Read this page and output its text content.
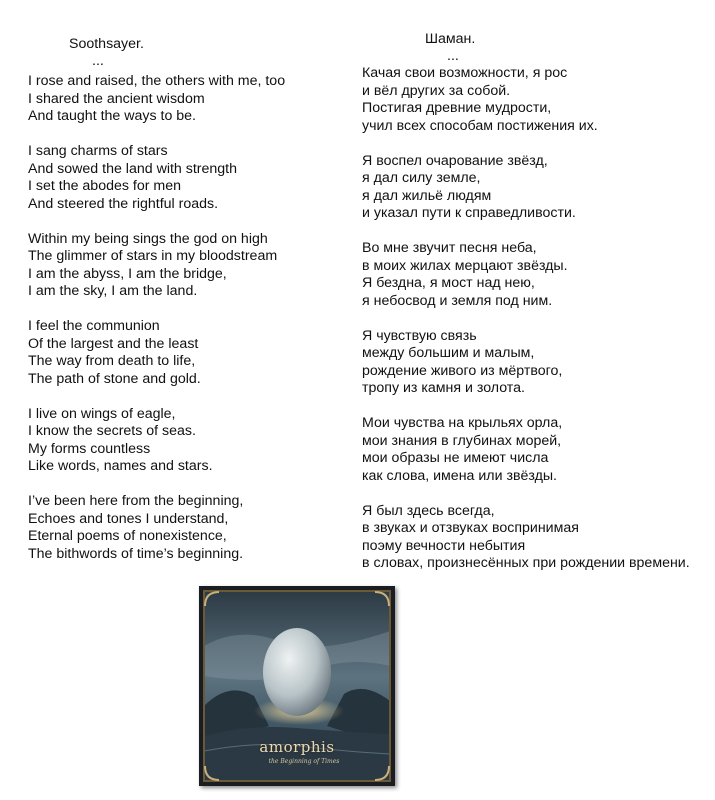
Soothsayer.
...
I rose and raised, the others with me, too
I shared the ancient wisdom
And taught the ways to be.
I sang charms of stars
And sowed the land with strength
I set the abodes for men
And steered the rightful roads.
Within my being sings the god on high
The glimmer of stars in my bloodstream
I am the abyss, I am the bridge,
I am the sky, I am the land.
I feel the communion
Of the largest and the least
The way from death to life,
The path of stone and gold.
I live on wings of eagle,
I know the secrets of seas.
My forms countless
Like words, names and stars.
I’ve been here from the beginning,
Echoes and tones I understand,
Eternal poems of nonexistence,
The bithwords of time’s beginning.
Шаман.
...
Качая свои возможности, я рос
и вёл других за собой.
Постигая древние мудрости,
учил всех способам постижения их.
Я воспел очарование звёзд,
я дал силу земле,
я дал жильё людям
и указал пути к справедливости.
Во мне звучит песня неба,
в моих жилах мерцают звёзды.
Я бездна, я мост над нею,
я небосвод и земля под ним.
Я чувствую связь
между большим и малым,
рождение живого из мёртвого,
тропу из камня и золота.
Мои чувства на крыльях орла,
мои знания в глубинах морей,
мои образы не имеют числа
как слова, имена или звёзды.
Я был здесь всегда,
в звуках и отзвуках воспринимая
поэму вечности небытия
в словах, произнесённых при рождении времени.
amorphis
the Beginning of Times
